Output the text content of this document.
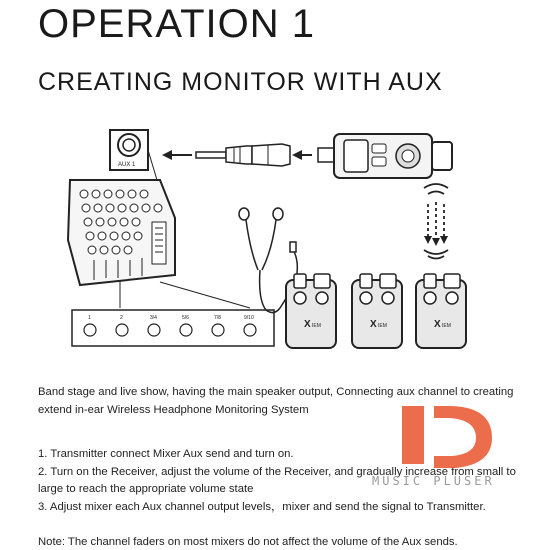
OPERATION 1
CREATING MONITOR WITH AUX
AUX 1
1	2	3/4	5/6	7/8	9/10
X IEM	X IEM	X IEM
Band stage and live show, having the main speaker output, Connecting aux channel to creating
extend in-ear Wireless Headphone Monitoring System
1. Transmitter connect Mixer Aux send and turn on.
2. Turn on the Receiver, adjust the volume of the Receiver, and gradually increase from small to
large to reach the appropriate volume state
3. Adjust mixer each Aux channel output levels，mixer and send the signal to Transmitter.
Note: The channel faders on most mixers do not affect the volume of the Aux sends.
MUSIC PLUSER
